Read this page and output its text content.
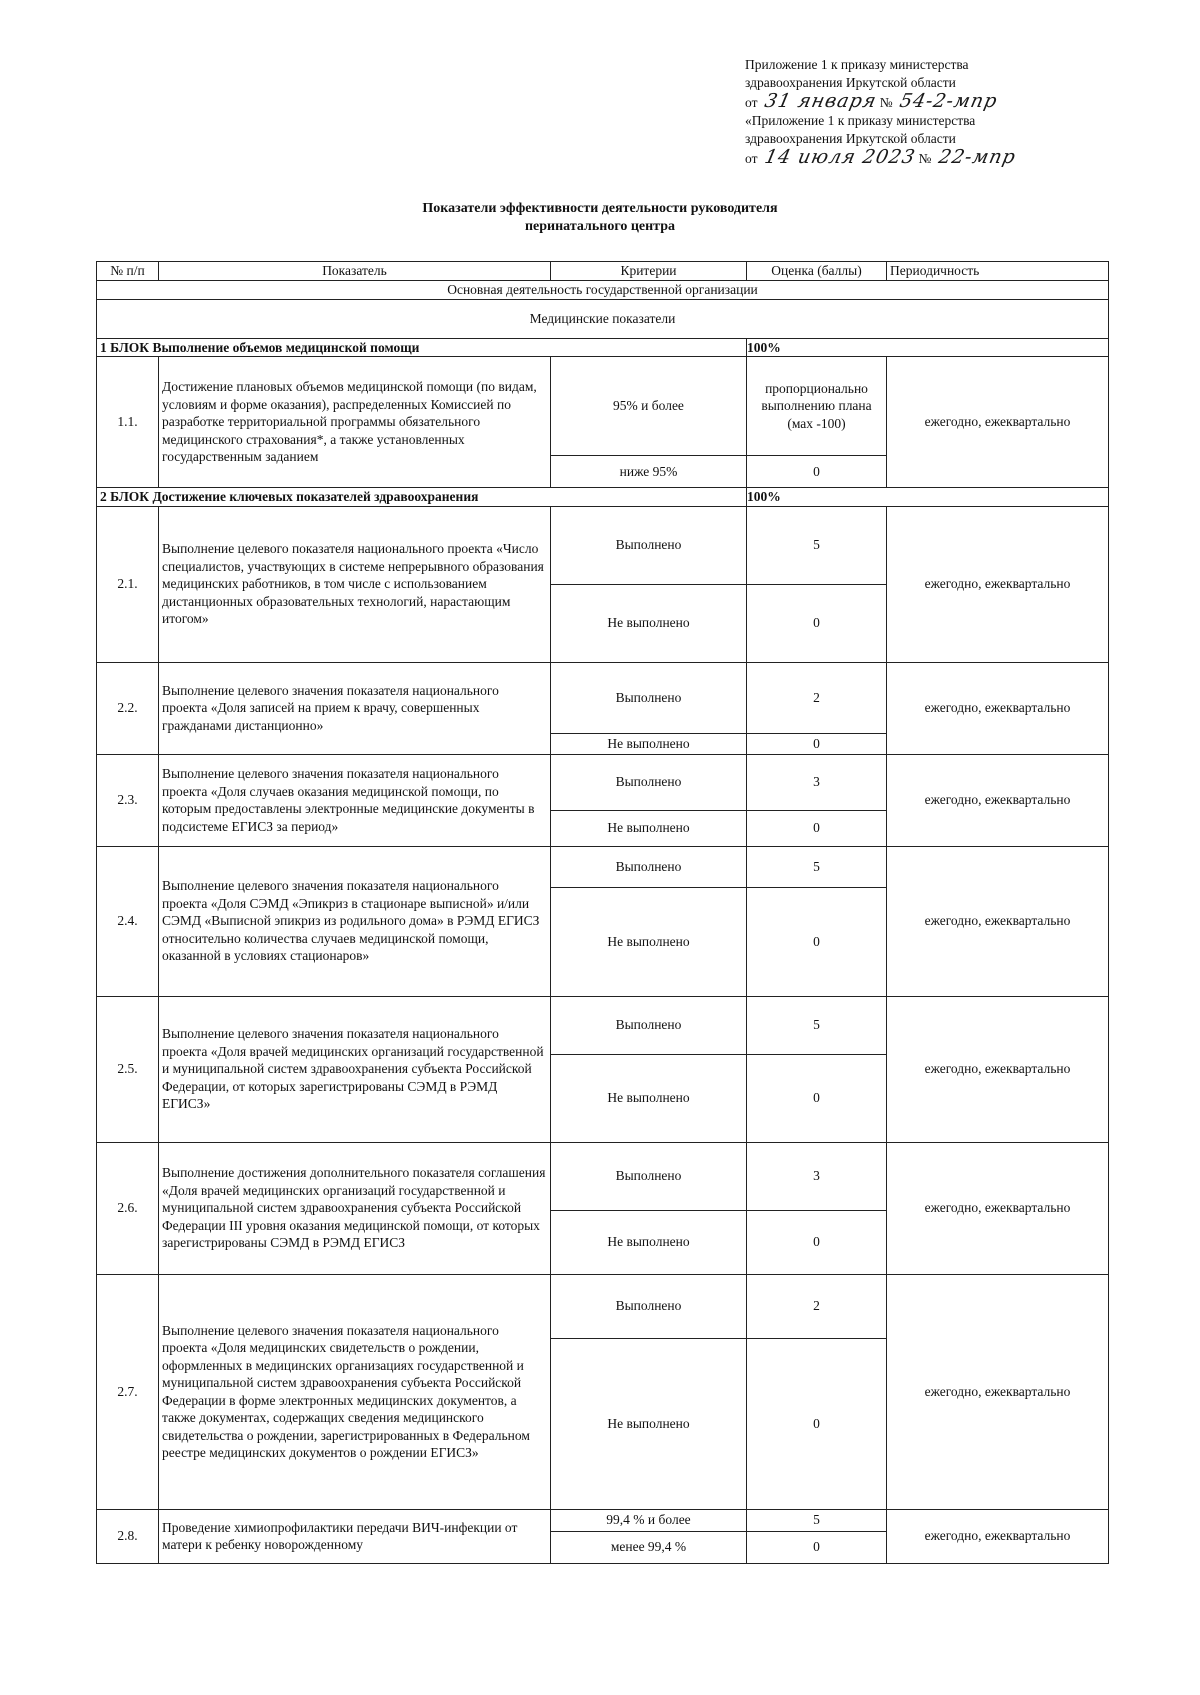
Приложение 1 к приказу министерства
здравоохранения Иркутской области
от 31 января № 54-2-мпр
«Приложение 1 к приказу министерства
здравоохранения Иркутской области
от 14 июля 2023 № 22-мпр
Показатели эффективности деятельности руководителя
перинатального центра
№ п/п	Показатель	Критерии	Оценка (баллы)	Периодичность
Основная деятельность государственной организации				
Медицинские показатели				
1 БЛОК Выполнение объемов медицинской помощи			100%	
1.1.	Достижение плановых объемов медицинской помощи (по видам, условиям и форме оказания), распределенных Комиссией по разработке территориальной программы обязательного медицинского страхования*, а также установленных государственным заданием	95% и более	пропорционально выполнению плана (мах -100)	ежегодно, ежеквартально
		ниже 95%	0	
2 БЛОК Достижение ключевых показателей здравоохранения			100%	
2.1.	Выполнение целевого показателя национального проекта «Число специалистов, участвующих в системе непрерывного образования медицинских работников, в том числе с использованием дистанционных образовательных технологий, нарастающим итогом»	Выполнено	5	ежегодно, ежеквартально
		Не выполнено	0	
2.2.	Выполнение целевого значения показателя национального проекта «Доля записей на прием к врачу, совершенных гражданами дистанционно»	Выполнено	2	ежегодно, ежеквартально
		Не выполнено	0	
2.3.	Выполнение целевого значения показателя национального проекта «Доля случаев оказания медицинской помощи, по которым предоставлены электронные медицинские документы в подсистеме ЕГИСЗ за период»	Выполнено	3	ежегодно, ежеквартально
		Не выполнено	0	
2.4.	Выполнение целевого значения показателя национального проекта «Доля СЭМД «Эпикриз в стационаре выписной» и/или СЭМД «Выписной эпикриз из родильного дома» в РЭМД ЕГИСЗ относительно количества случаев медицинской помощи, оказанной в условиях стационаров»	Выполнено	5	ежегодно, ежеквартально
		Не выполнено	0	
2.5.	Выполнение целевого значения показателя национального проекта «Доля врачей медицинских организаций государственной и муниципальной систем здравоохранения субъекта Российской Федерации, от которых зарегистрированы СЭМД в РЭМД ЕГИСЗ»	Выполнено	5	ежегодно, ежеквартально
		Не выполнено	0	
2.6.	Выполнение достижения дополнительного показателя соглашения «Доля врачей медицинских организаций государственной и муниципальной систем здравоохранения субъекта Российской Федерации III уровня оказания медицинской помощи, от которых зарегистрированы СЭМД в РЭМД ЕГИСЗ	Выполнено	3	ежегодно, ежеквартально
		Не выполнено	0	
2.7.	Выполнение целевого значения показателя национального проекта «Доля медицинских свидетельств о рождении, оформленных в медицинских организациях государственной и муниципальной систем здравоохранения субъекта Российской Федерации в форме электронных медицинских документов, а также документах, содержащих сведения медицинского свидетельства о рождении, зарегистрированных в Федеральном реестре медицинских документов о рождении ЕГИСЗ»	Выполнено	2	ежегодно, ежеквартально
		Не выполнено	0	
2.8.	Проведение химиопрофилактики передачи ВИЧ-инфекции от матери к ребенку новорожденному	99,4 % и более	5	ежегодно, ежеквартально
		менее 99,4 %	0	
